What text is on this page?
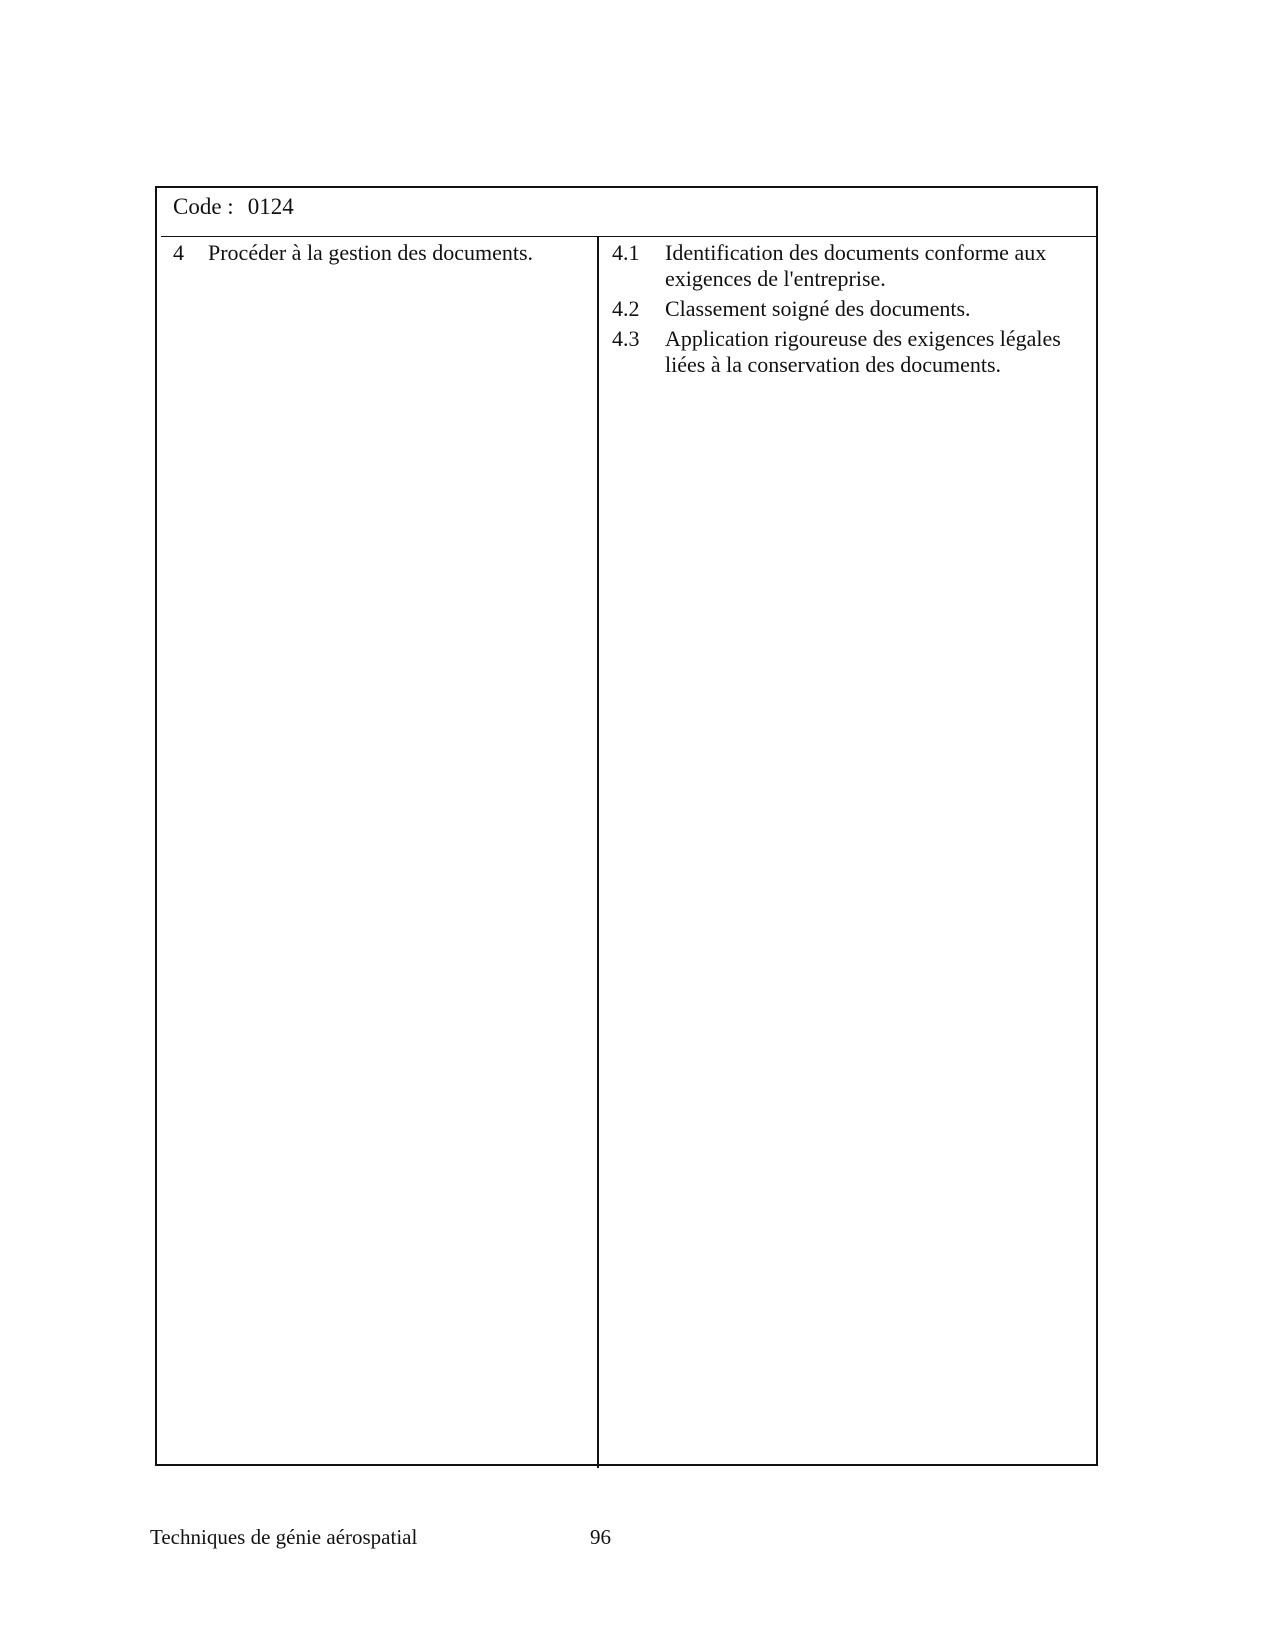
Code : 0124
4	Procéder à la gestion des documents.	4.1	Identification des documents conforme aux exigences de l'entreprise.
4.2	Classement soigné des documents.
4.3	Application rigoureuse des exigences légales liées à la conservation des documents.
Techniques de génie aérospatial	96
